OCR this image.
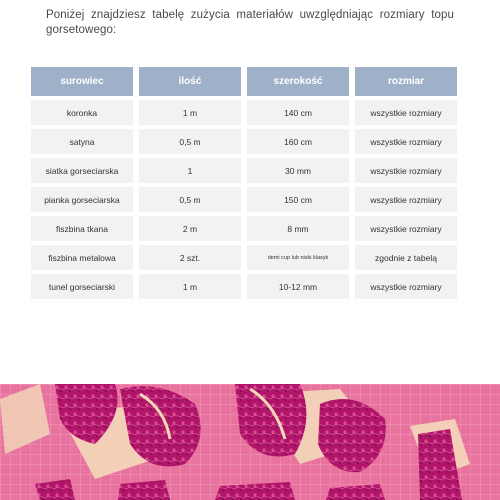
Poniżej znajdziesz tabelę zużycia materiałów uwzględniając rozmiary topu gorsetowego:

surowiec	ilość	szerokość	rozmiar
koronka	1 m	140 cm	wszystkie rozmiary
satyna	0,5 m	160 cm	wszystkie rozmiary
siatka gorseciarska	1	30 mm	wszystkie rozmiary
pianka gorseciarska	0,5 m	150 cm	wszystkie rozmiary
fiszbina tkana	2 m	8 mm	wszystkie rozmiary
fiszbina metalowa	2 szt.	demi cup lub niski klasyk	zgodnie z tabelą
tunel gorseciarski	1 m	10-12 mm	wszystkie rozmiary
